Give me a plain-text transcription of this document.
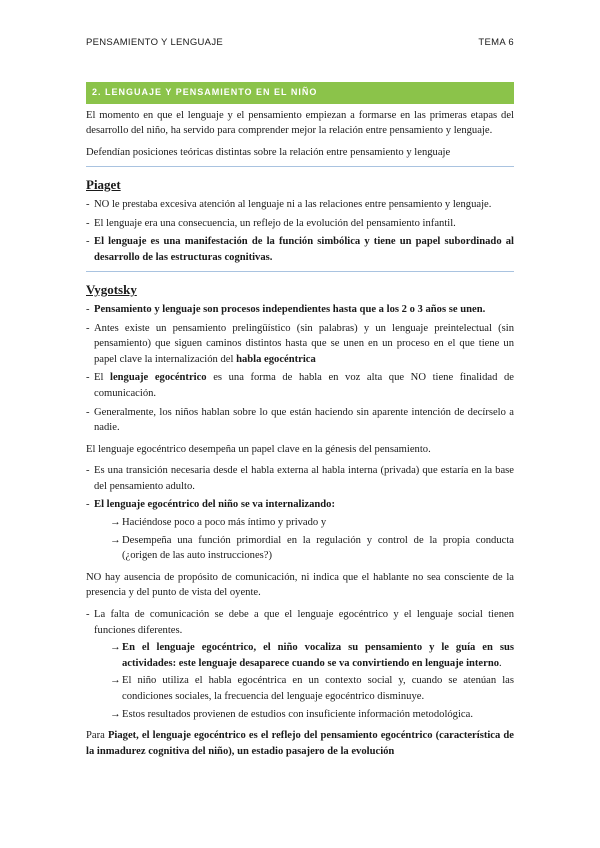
PENSAMIENTO Y LENGUAJE	TEMA 6
2. LENGUAJE Y PENSAMIENTO EN EL NIÑO

El momento en que el lenguaje y el pensamiento empiezan a formarse en las primeras etapas del desarrollo del niño, ha servido para comprender mejor la relación entre pensamiento y lenguaje.

Defendían posiciones teóricas distintas sobre la relación entre pensamiento y lenguaje

Piaget
- NO le prestaba excesiva atención al lenguaje ni a las relaciones entre pensamiento y lenguaje.
- El lenguaje era una consecuencia, un reflejo de la evolución del pensamiento infantil.
- El lenguaje es una manifestación de la función simbólica y tiene un papel subordinado al desarrollo de las estructuras cognitivas.
Vygotsky
- Pensamiento y lenguaje son procesos independientes hasta que a los 2 o 3 años se unen.
- Antes existe un pensamiento prelingüístico (sin palabras) y un lenguaje preintelectual (sin pensamiento) que siguen caminos distintos hasta que se unen en un proceso en el que tiene un papel clave la internalización del habla egocéntrica
- El lenguaje egocéntrico es una forma de habla en voz alta que NO tiene finalidad de comunicación.
- Generalmente, los niños hablan sobre lo que están haciendo sin aparente intención de decírselo a nadie.

El lenguaje egocéntrico desempeña un papel clave en la génesis del pensamiento.

- Es una transición necesaria desde el habla externa al habla interna (privada) que estaría en la base del pensamiento adulto.
- El lenguaje egocéntrico del niño se va internalizando:
→ Haciéndose poco a poco más íntimo y privado y
→ Desempeña una función primordial en la regulación y control de la propia conducta (¿origen de las auto instrucciones?)

NO hay ausencia de propósito de comunicación, ni indica que el hablante no sea consciente de la presencia y del punto de vista del oyente.

- La falta de comunicación se debe a que el lenguaje egocéntrico y el lenguaje social tienen funciones diferentes.
→ En el lenguaje egocéntrico, el niño vocaliza su pensamiento y le guía en sus actividades: este lenguaje desaparece cuando se va convirtiendo en lenguaje interno.
→ El niño utiliza el habla egocéntrica en un contexto social y, cuando se atenúan las condiciones sociales, la frecuencia del lenguaje egocéntrico disminuye.
→ Estos resultados provienen de estudios con insuficiente información metodológica.

Para Piaget, el lenguaje egocéntrico es el reflejo del pensamiento egocéntrico (característica de la inmadurez cognitiva del niño), un estadio pasajero de la evolución
